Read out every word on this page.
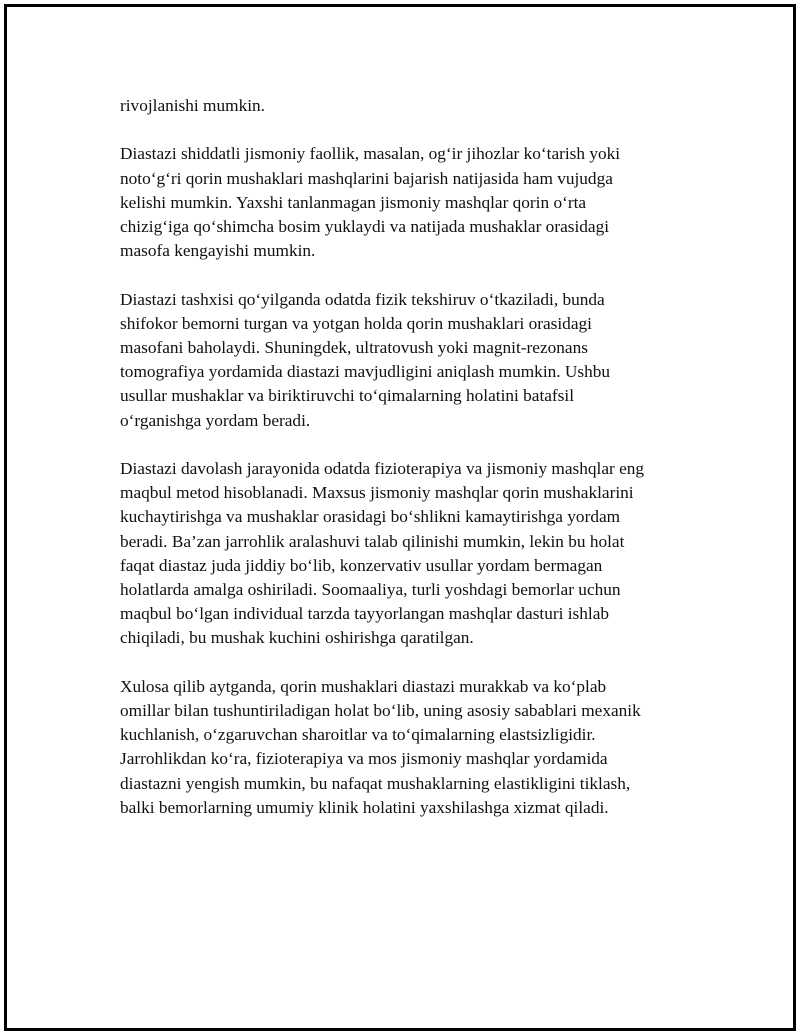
rivojlanishi mumkin.

Diastazi shiddatli jismoniy faollik, masalan, og‘ir jihozlar ko‘tarish yoki
noto‘g‘ri qorin mushaklari mashqlarini bajarish natijasida ham vujudga
kelishi mumkin. Yaxshi tanlanmagan jismoniy mashqlar qorin o‘rta
chizig‘iga qo‘shimcha bosim yuklaydi va natijada mushaklar orasidagi
masofa kengayishi mumkin.

Diastazi tashxisi qo‘yilganda odatda fizik tekshiruv o‘tkaziladi, bunda
shifokor bemorni turgan va yotgan holda qorin mushaklari orasidagi
masofani baholaydi. Shuningdek, ultratovush yoki magnit-rezonans
tomografiya yordamida diastazi mavjudligini aniqlash mumkin. Ushbu
usullar mushaklar va biriktiruvchi to‘qimalarning holatini batafsil
o‘rganishga yordam beradi.

Diastazi davolash jarayonida odatda fizioterapiya va jismoniy mashqlar eng
maqbul metod hisoblanadi. Maxsus jismoniy mashqlar qorin mushaklarini
kuchaytirishga va mushaklar orasidagi bo‘shlikni kamaytirishga yordam
beradi. Ba’zan jarrohlik aralashuvi talab qilinishi mumkin, lekin bu holat
faqat diastaz juda jiddiy bo‘lib, konzervativ usullar yordam bermagan
holatlarda amalga oshiriladi. Soomaaliya, turli yoshdagi bemorlar uchun
maqbul bo‘lgan individual tarzda tayyorlangan mashqlar dasturi ishlab
chiqiladi, bu mushak kuchini oshirishga qaratilgan.

Xulosa qilib aytganda, qorin mushaklari diastazi murakkab va ko‘plab
omillar bilan tushuntiriladigan holat bo‘lib, uning asosiy sabablari mexanik
kuchlanish, o‘zgaruvchan sharoitlar va to‘qimalarning elastsizligidir.
Jarrohlikdan ko‘ra, fizioterapiya va mos jismoniy mashqlar yordamida
diastazni yengish mumkin, bu nafaqat mushaklarning elastikligini tiklash,
balki bemorlarning umumiy klinik holatini yaxshilashga xizmat qiladi.
